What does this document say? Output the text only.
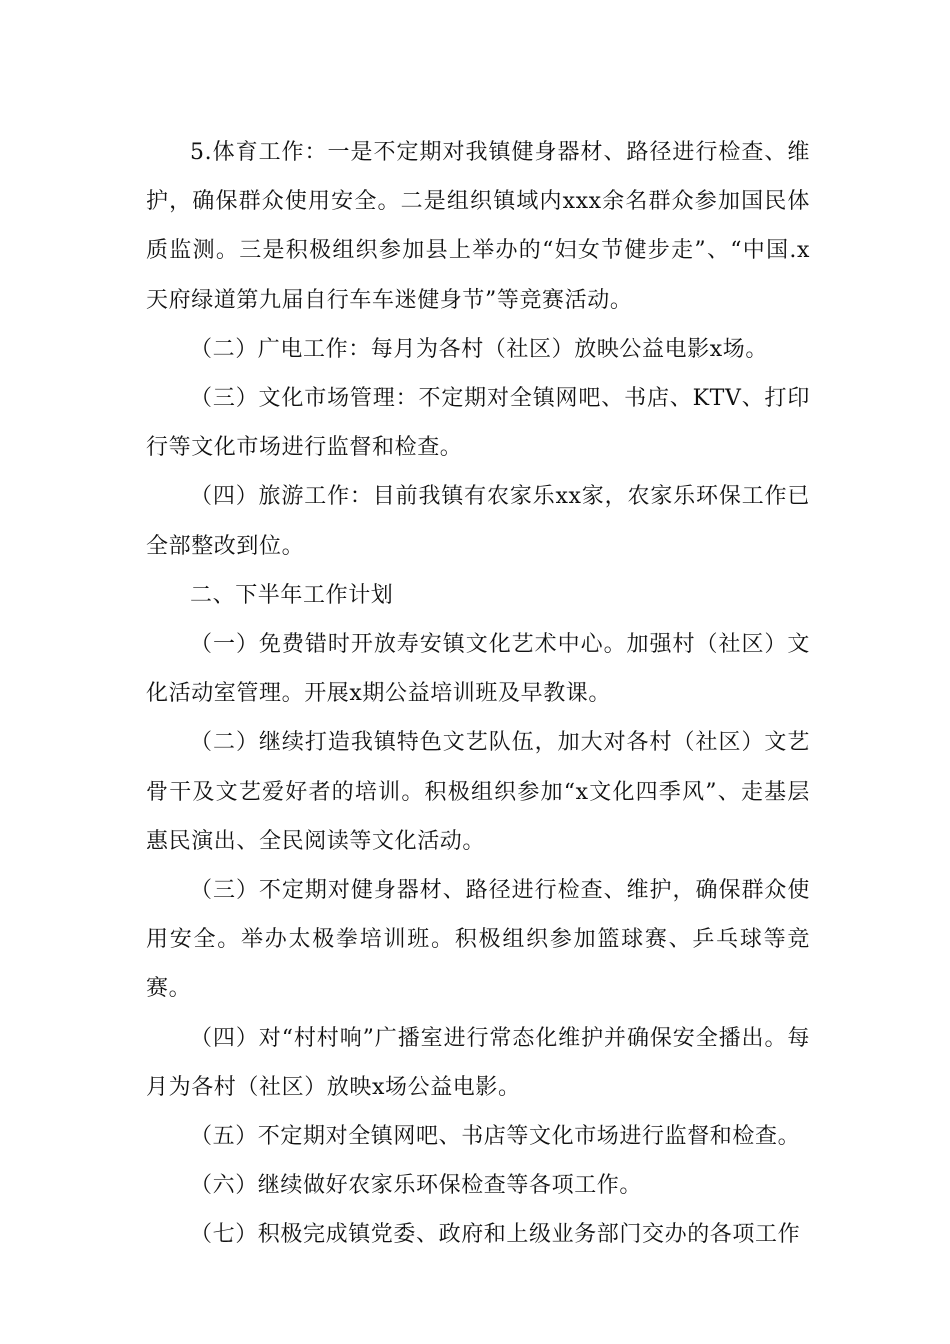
5.体育工作：一是不定期对我镇健身器材、路径进行检查、维护，确保群众使用安全。二是组织镇域内xxx余名群众参加国民体质监测。三是积极组织参加县上举办的“妇女节健步走”、“中国.x天府绿道第九届自行车车迷健身节”等竞赛活动。

（二）广电工作：每月为各村（社区）放映公益电影x场。

（三）文化市场管理：不定期对全镇网吧、书店、KTV、打印行等文化市场进行监督和检查。

（四）旅游工作：目前我镇有农家乐xx家，农家乐环保工作已全部整改到位。

二、下半年工作计划

（一）免费错时开放寿安镇文化艺术中心。加强村（社区）文化活动室管理。开展x期公益培训班及早教课。

（二）继续打造我镇特色文艺队伍，加大对各村（社区）文艺骨干及文艺爱好者的培训。积极组织参加“x文化四季风”、走基层惠民演出、全民阅读等文化活动。

（三）不定期对健身器材、路径进行检查、维护，确保群众使用安全。举办太极拳培训班。积极组织参加篮球赛、乒乓球等竞赛。

（四）对“村村响”广播室进行常态化维护并确保安全播出。每月为各村（社区）放映x场公益电影。

（五）不定期对全镇网吧、书店等文化市场进行监督和检查。

（六）继续做好农家乐环保检查等各项工作。

（七）积极完成镇党委、政府和上级业务部门交办的各项工作
